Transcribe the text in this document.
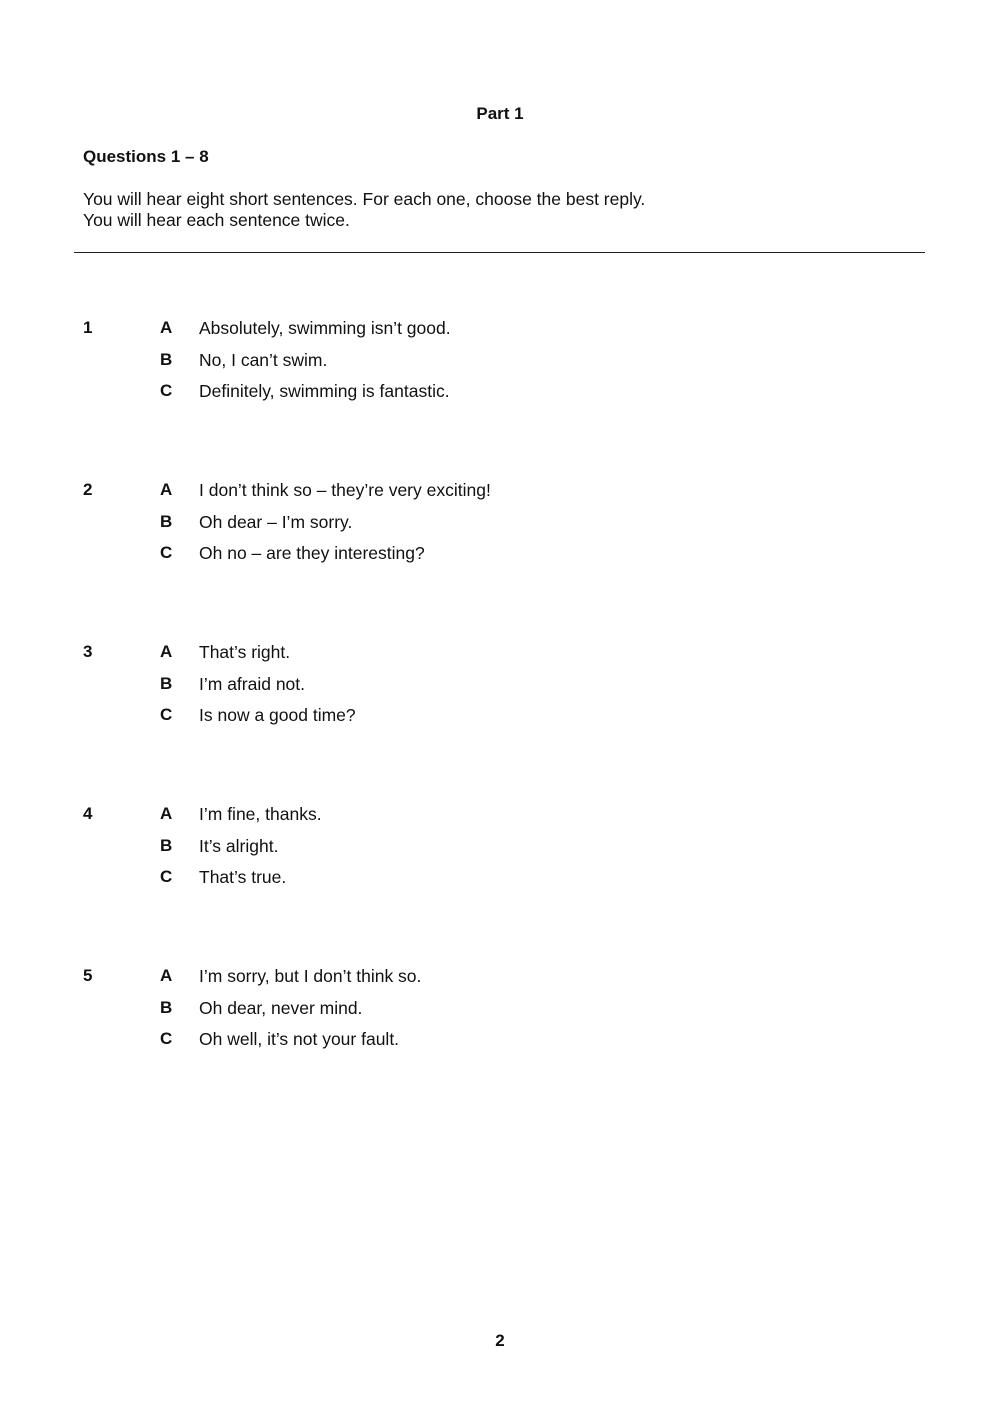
Part 1
Questions 1 – 8
You will hear eight short sentences. For each one, choose the best reply.
You will hear each sentence twice.
1	A Absolutely, swimming isn’t good.
B No, I can’t swim.
C Definitely, swimming is fantastic.
2	A I don’t think so – they’re very exciting!
B Oh dear – I’m sorry.
C Oh no – are they interesting?
3	A That’s right.
B I’m afraid not.
C Is now a good time?
4	A I’m fine, thanks.
B It’s alright.
C That’s true.
5	A I’m sorry, but I don’t think so.
B Oh dear, never mind.
C Oh well, it’s not your fault.
2
